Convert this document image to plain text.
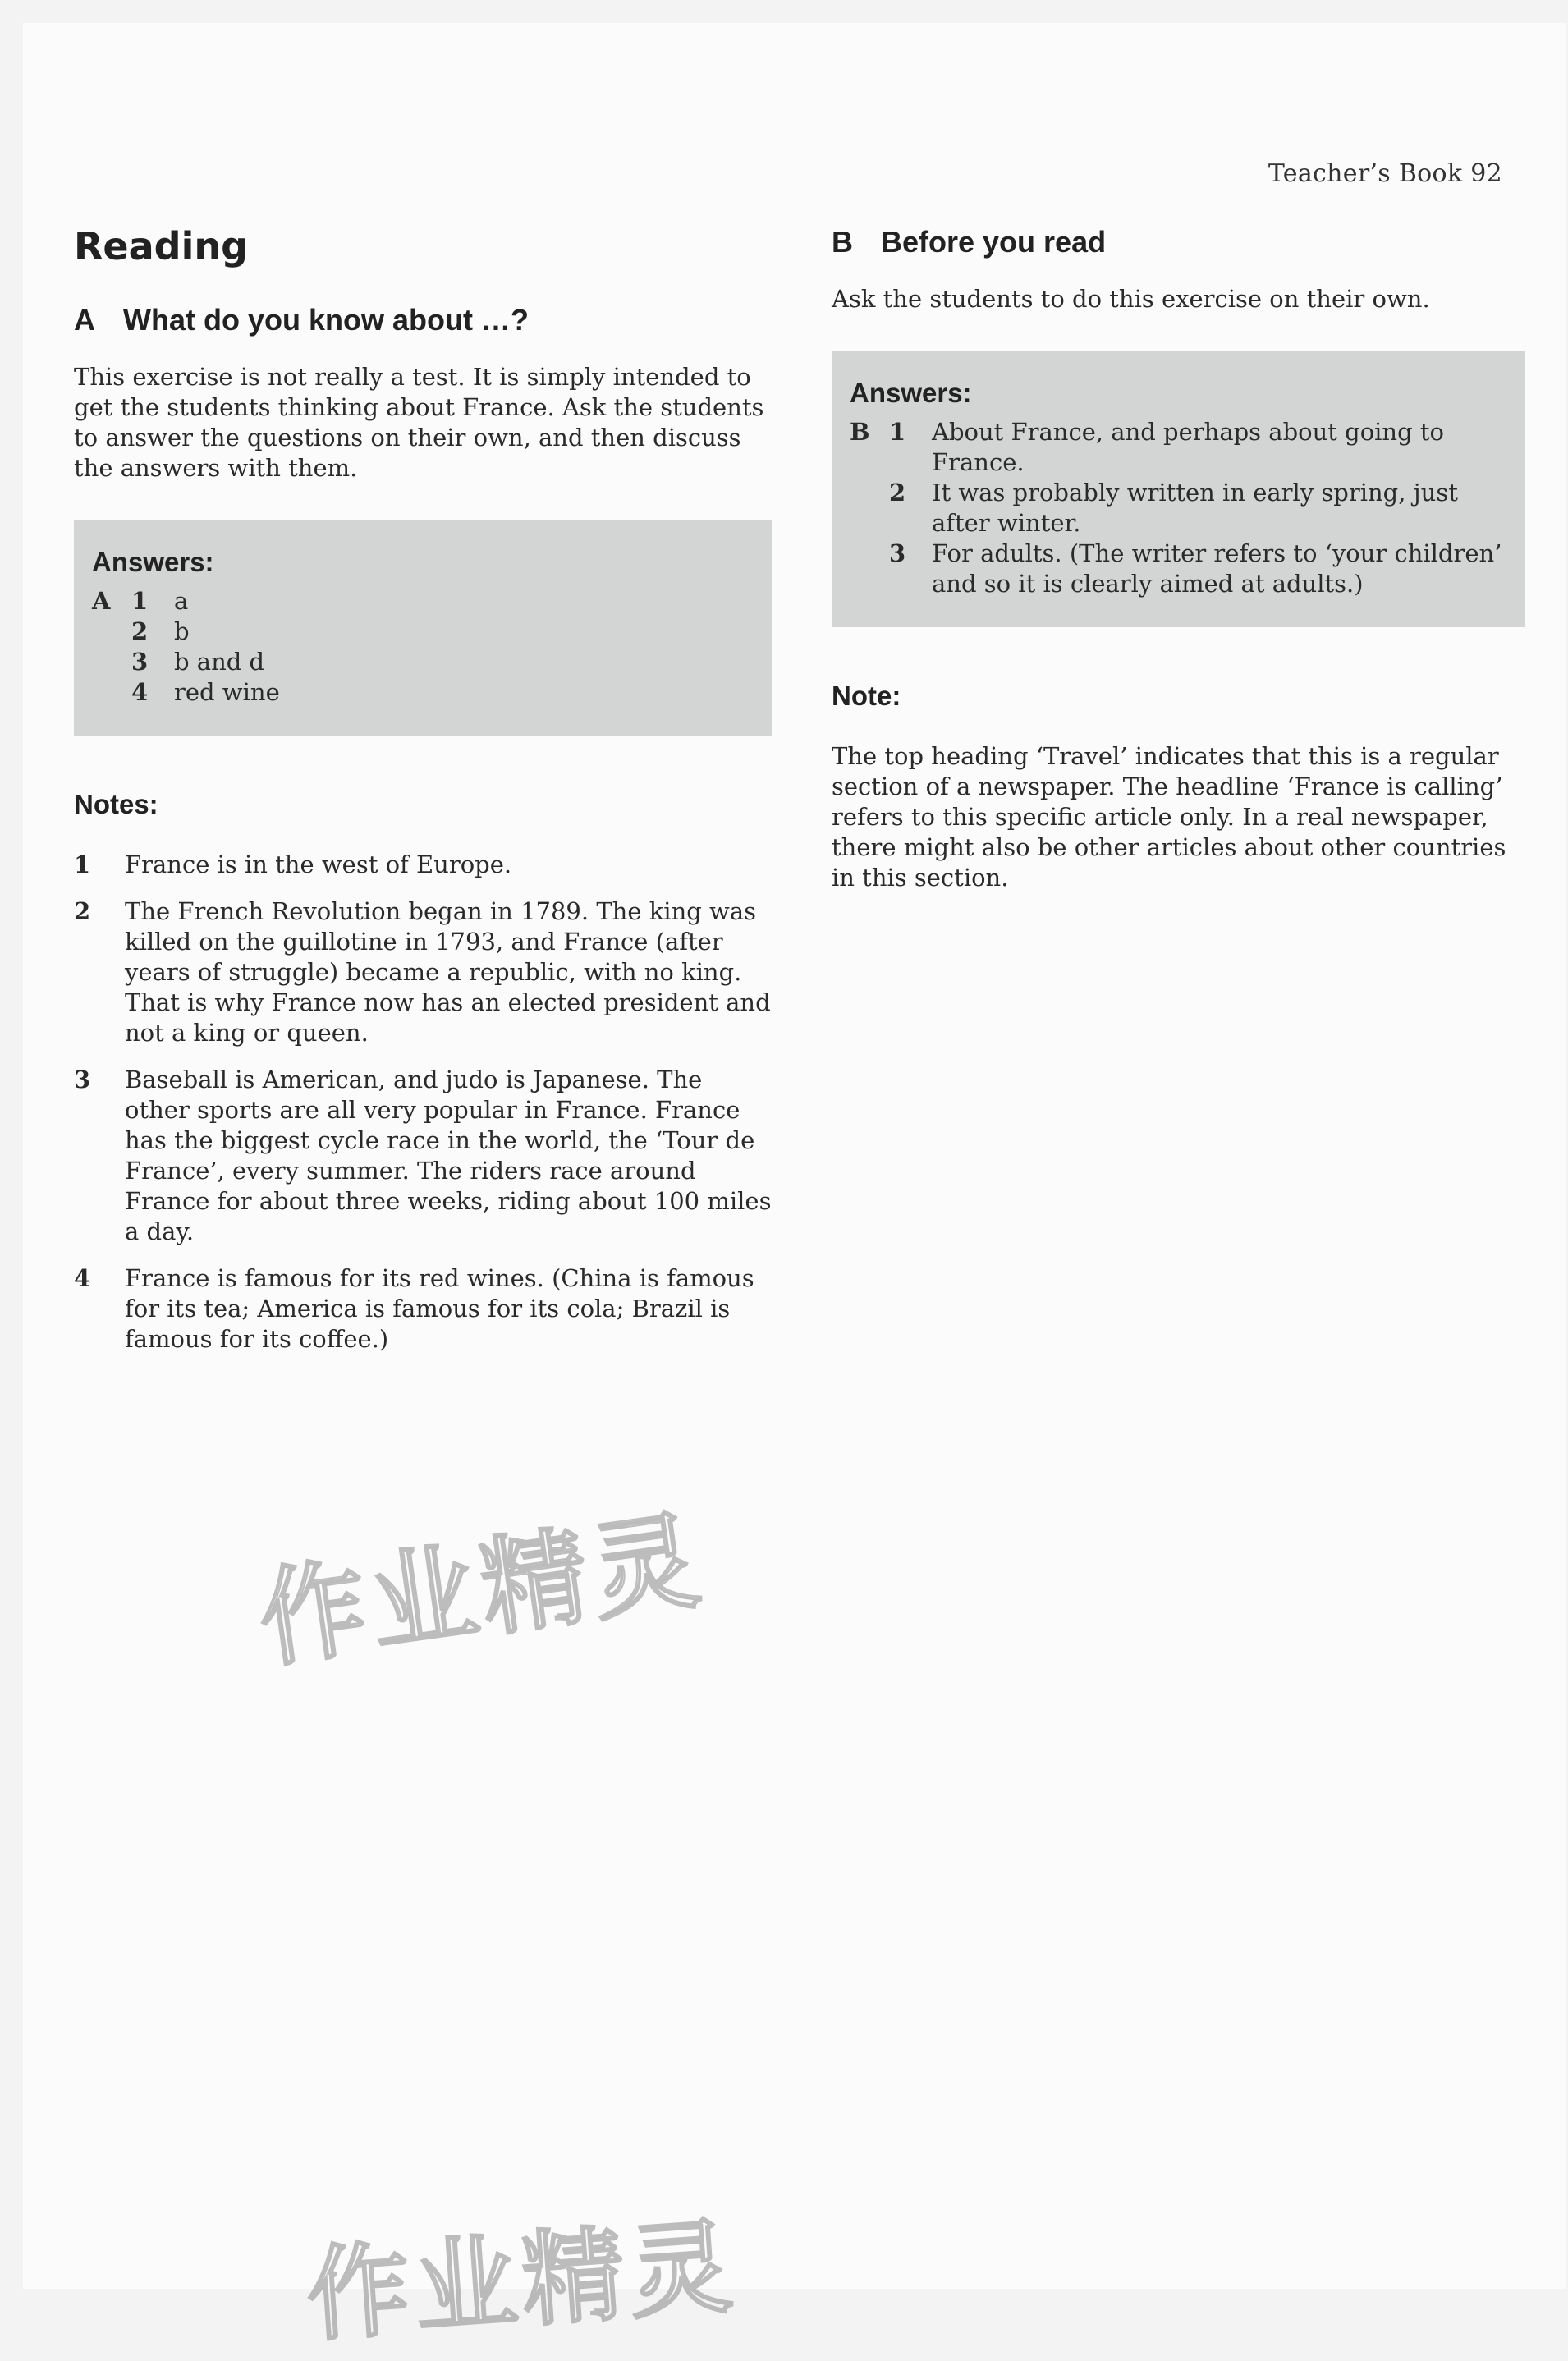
Teacher’s Book 92
Reading
A What do you know about …?

This exercise is not really a test. It is simply intended to get the students thinking about France. Ask the students to answer the questions on their own, and then discuss the answers with them.

Answers:
A 1	a
2	b
3	b and d
4	red wine
Notes:
1	France is in the west of Europe.
2	The French Revolution began in 1789. The king was killed on the guillotine in 1793, and France (after years of struggle) became a republic, with no king. That is why France now has an elected president and not a king or queen.
3	Baseball is American, and judo is Japanese. The other sports are all very popular in France. France has the biggest cycle race in the world, the ‘Tour de France’, every summer. The riders race around France for about three weeks, riding about 100 miles a day.
4	France is famous for its red wines. (China is famous for its tea; America is famous for its cola; Brazil is famous for its coffee.)
B Before you read

Ask the students to do this exercise on their own.

Answers:
B 1	About France, and perhaps about going to France.
2	It was probably written in early spring, just after winter.
3	For adults. (The writer refers to ‘your children’ and so it is clearly aimed at adults.)
Note:

The top heading ‘Travel’ indicates that this is a regular section of a newspaper. The headline ‘France is calling’ refers to this specific article only. In a real newspaper, there might also be other articles about other countries in this section.

作业精灵
作业精灵
